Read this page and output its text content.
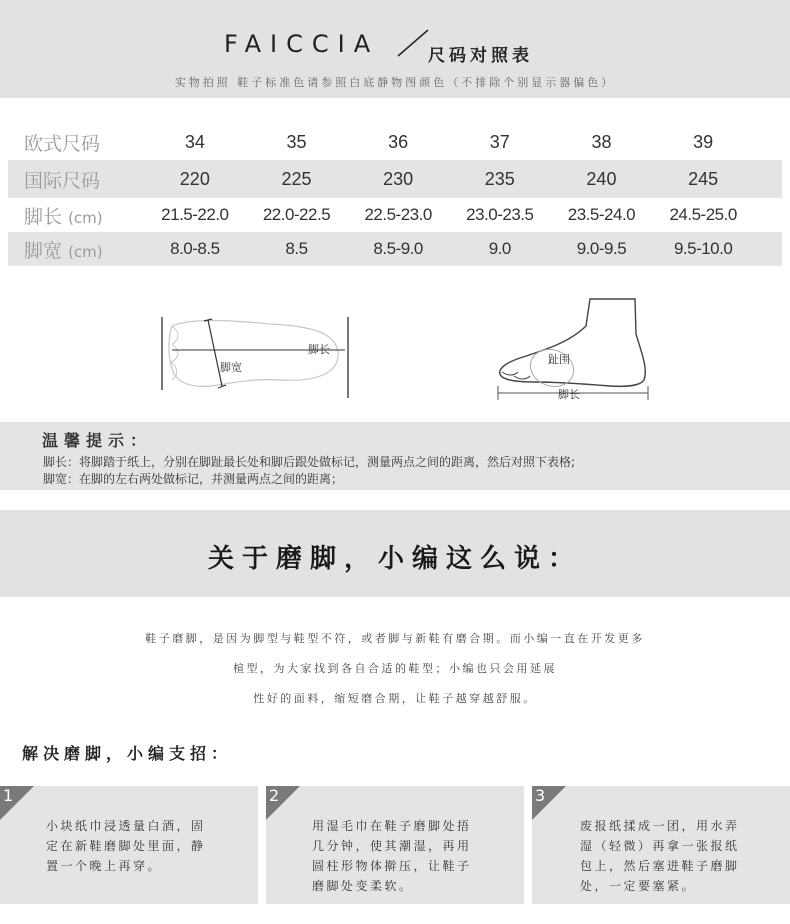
FAICCIA	尺码对照表
实物拍照 鞋子标准色请参照白底静物图颜色（不排除个别显示器偏色）
欧式尺码	34	35	36	37	38	39	
国际尺码	220	225	230	235	240	245	
脚长 (cm)	21.5-22.0	22.0-22.5	22.5-23.0	23.0-23.5	23.5-24.0	24.5-25.0	
脚宽 (cm)	8.0-8.5	8.5	8.5-9.0	9.0	9.0-9.5	9.5-10.0	
脚宽
脚长
趾围
脚长
温馨提示：
脚长：将脚踏于纸上，分别在脚趾最长处和脚后跟处做标记，测量两点之间的距离，然后对照下表格;
脚宽：在脚的左右两处做标记，并测量两点之间的距离；
关于磨脚，小编这么说：
鞋子磨脚，是因为脚型与鞋型不符，或者脚与新鞋有磨合期。而小编一直在开发更多
楦型，为大家找到各自合适的鞋型；小编也只会用延展
性好的面料，缩短磨合期，让鞋子越穿越舒服。
解决磨脚，小编支招：
1
小块纸巾浸透量白酒，固
定在新鞋磨脚处里面，静
置一个晚上再穿。
2
用湿毛巾在鞋子磨脚处捂
几分钟，使其潮湿，再用
圆柱形物体擀压，让鞋子
磨脚处变柔软。
3
废报纸揉成一团，用水弄
湿（轻微）再拿一张报纸
包上，然后塞进鞋子磨脚
处，一定要塞紧。
